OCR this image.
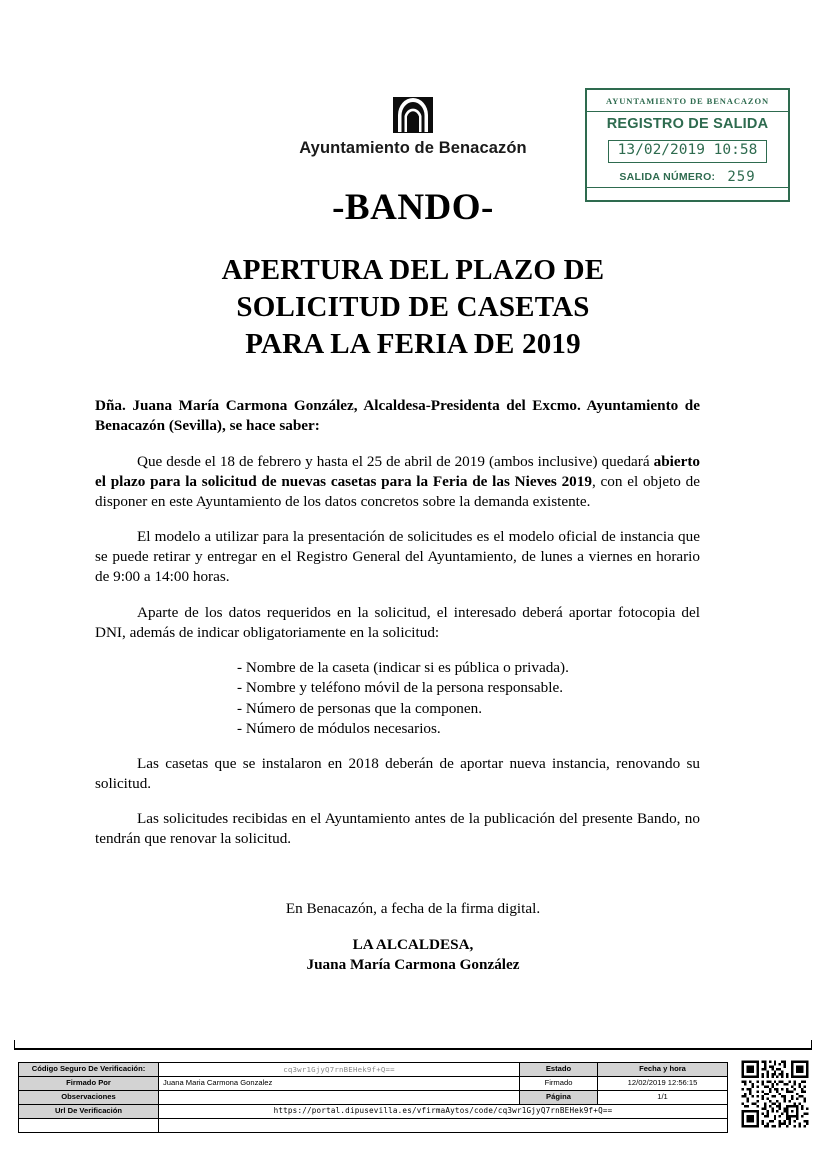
AYUNTAMIENTO DE BENACAZON
REGISTRO DE SALIDA
13/02/2019 10:58
SALIDA NÚMERO: 259
Ayuntamiento de Benacazón
-BANDO-
APERTURA DEL PLAZO DE
SOLICITUD DE CASETAS
PARA LA FERIA DE 2019

Dña. Juana María Carmona González, Alcaldesa-Presidenta del Excmo. Ayuntamiento de Benacazón (Sevilla), se hace saber:

Que desde el 18 de febrero y hasta el 25 de abril de 2019 (ambos inclusive) quedará abierto el plazo para la solicitud de nuevas casetas para la Feria de las Nieves 2019, con el objeto de disponer en este Ayuntamiento de los datos concretos sobre la demanda existente.

El modelo a utilizar para la presentación de solicitudes es el modelo oficial de instancia que se puede retirar y entregar en el Registro General del Ayuntamiento, de lunes a viernes en horario de 9:00 a 14:00 horas.

Aparte de los datos requeridos en la solicitud, el interesado deberá aportar fotocopia del DNI, además de indicar obligatoriamente en la solicitud:

- Nombre de la caseta (indicar si es pública o privada).
- Nombre y teléfono móvil de la persona responsable.
- Número de personas que la componen.
- Número de módulos necesarios.

Las casetas que se instalaron en 2018 deberán de aportar nueva instancia, renovando su solicitud.

Las solicitudes recibidas en el Ayuntamiento antes de la publicación del presente Bando, no tendrán que renovar la solicitud.

En Benacazón, a fecha de la firma digital.
LA ALCALDESA,
Juana María Carmona González
Código Seguro De Verificación:	cq3wr1GjyQ7rnBEHek9f+Q==	Estado	Fecha y hora
Firmado Por	Juana Maria Carmona Gonzalez	Firmado	12/02/2019 12:56:15
Observaciones		Página	1/1
Url De Verificación	https://portal.dipusevilla.es/vfirmaAytos/code/cq3wr1GjyQ7rnBEHek9f+Q==		
